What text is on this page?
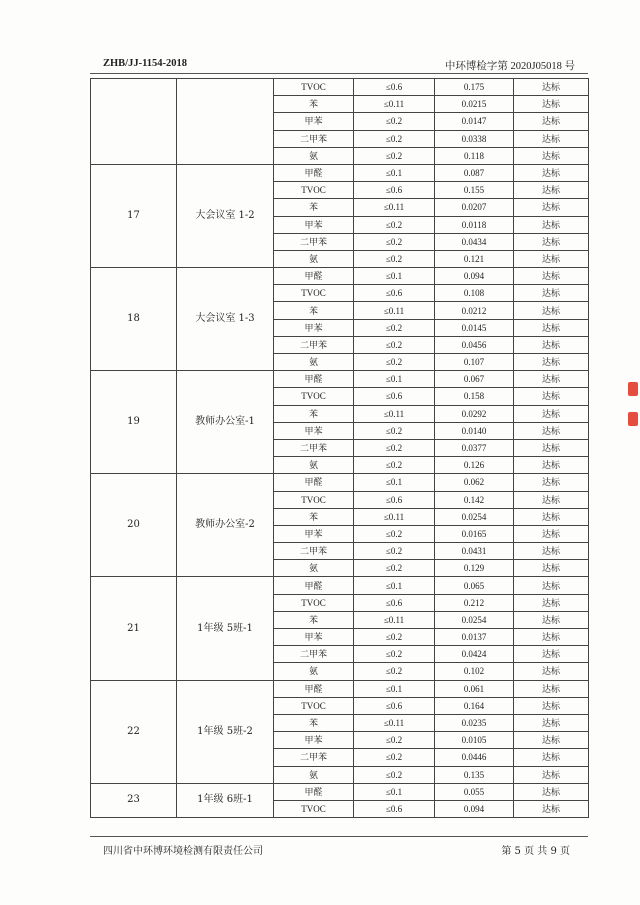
ZHB/JJ-1154-2018	中环博检字第 2020J05018 号
		TVOC	≤0.6	0.175	达标
		苯	≤0.11	0.0215	达标
		甲苯	≤0.2	0.0147	达标
		二甲苯	≤0.2	0.0338	达标
		氨	≤0.2	0.118	达标
17	大会议室 1-2	甲醛	≤0.1	0.087	达标
		TVOC	≤0.6	0.155	达标
		苯	≤0.11	0.0207	达标
		甲苯	≤0.2	0.0118	达标
		二甲苯	≤0.2	0.0434	达标
		氨	≤0.2	0.121	达标
18	大会议室 1-3	甲醛	≤0.1	0.094	达标
		TVOC	≤0.6	0.108	达标
		苯	≤0.11	0.0212	达标
		甲苯	≤0.2	0.0145	达标
		二甲苯	≤0.2	0.0456	达标
		氨	≤0.2	0.107	达标
19	教师办公室-1	甲醛	≤0.1	0.067	达标
		TVOC	≤0.6	0.158	达标
		苯	≤0.11	0.0292	达标
		甲苯	≤0.2	0.0140	达标
		二甲苯	≤0.2	0.0377	达标
		氨	≤0.2	0.126	达标
20	教师办公室-2	甲醛	≤0.1	0.062	达标
		TVOC	≤0.6	0.142	达标
		苯	≤0.11	0.0254	达标
		甲苯	≤0.2	0.0165	达标
		二甲苯	≤0.2	0.0431	达标
		氨	≤0.2	0.129	达标
21	1年级 5班-1	甲醛	≤0.1	0.065	达标
		TVOC	≤0.6	0.212	达标
		苯	≤0.11	0.0254	达标
		甲苯	≤0.2	0.0137	达标
		二甲苯	≤0.2	0.0424	达标
		氨	≤0.2	0.102	达标
22	1年级 5班-2	甲醛	≤0.1	0.061	达标
		TVOC	≤0.6	0.164	达标
		苯	≤0.11	0.0235	达标
		甲苯	≤0.2	0.0105	达标
		二甲苯	≤0.2	0.0446	达标
		氨	≤0.2	0.135	达标
23	1年级 6班-1	甲醛	≤0.1	0.055	达标
		TVOC	≤0.6	0.094	达标
四川省中环博环境检测有限责任公司	第 5 页 共 9 页
